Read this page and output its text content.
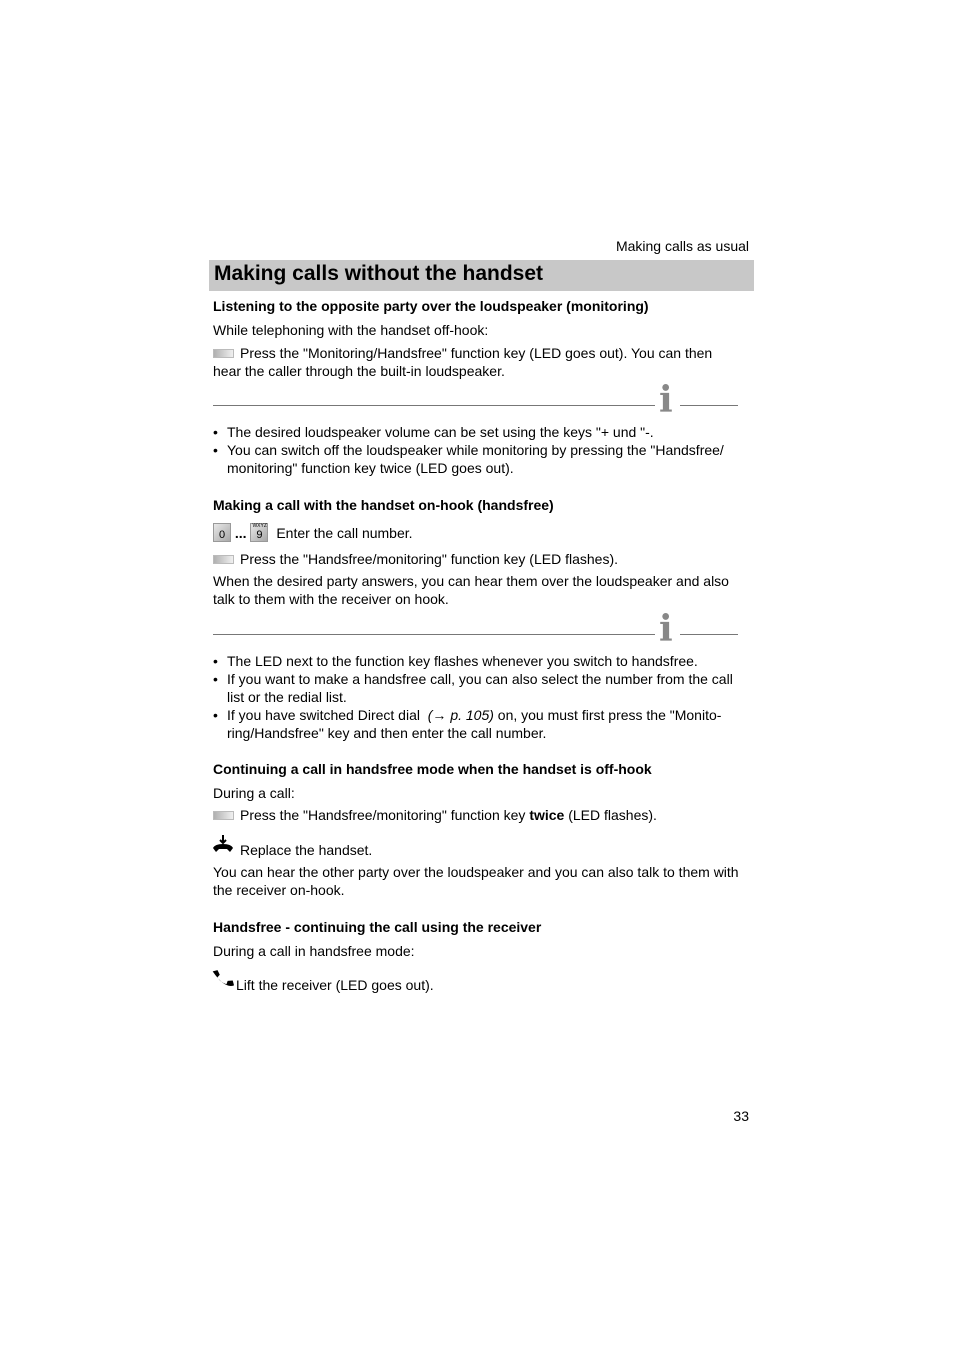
Making calls as usual
Making calls without the handset
Listening to the opposite party over the loudspeaker (monitoring)
While telephoning with the handset off-hook:
Press the "Monitoring/Handsfree" function key (LED goes out). You can then
hear the caller through the built-in loudspeaker.
i
• The desired loudspeaker volume can be set using the keys "+ und "-.
• You can switch off the loudspeaker while monitoring by pressing the "Handsfree/
monitoring" function key twice (LED goes out).
Making a call with the handset on-hook (handsfree)
0 ... WXYZ
9 Enter the call number.
Press the "Handsfree/monitoring" function key (LED flashes).
When the desired party answers, you can hear them over the loudspeaker and also
talk to them with the receiver on hook.
i
• The LED next to the function key flashes whenever you switch to handsfree.
• If you want to make a handsfree call, you can also select the number from the call
list or the redial list.
• If you have switched Direct dial (→ p. 105) on, you must first press the "Monito-
ring/Handsfree" key and then enter the call number.
Continuing a call in handsfree mode when the handset is off-hook
During a call:
Press the "Handsfree/monitoring" function key twice (LED flashes).
Replace the handset.
You can hear the other party over the loudspeaker and you can also talk to them with
the receiver on-hook.
Handsfree - continuing the call using the receiver
During a call in handsfree mode:
Lift the receiver (LED goes out).
33
